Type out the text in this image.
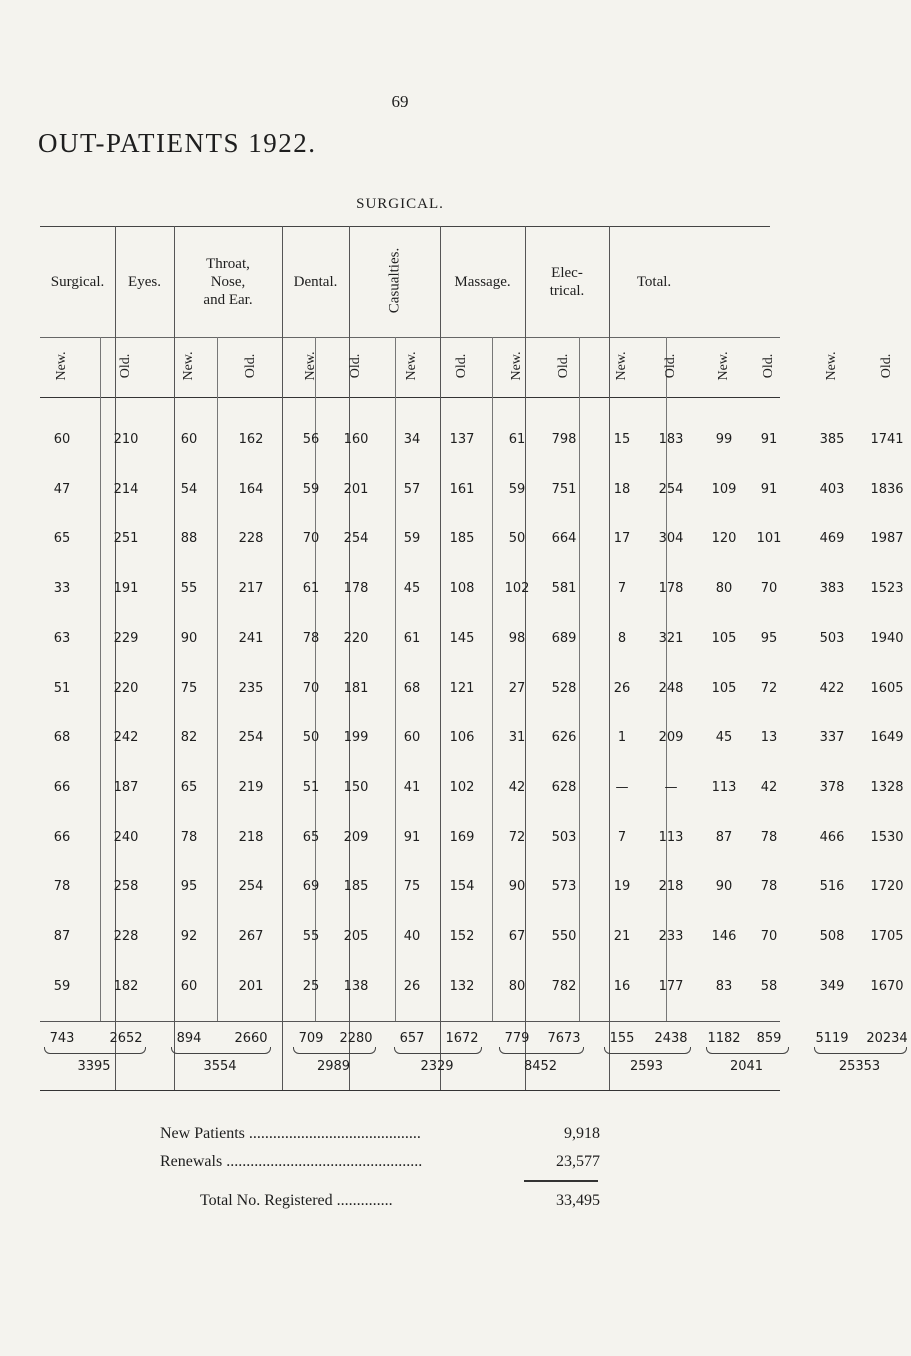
69
OUT-PATIENTS 1922.
SURGICAL.
Surgical.	Eyes.
Throat,
Nose,
and Ear.
Dental.	Casualties.	Massage.
Elec-
trical.
Total.
New.	Old.	New.	Old.	New. Old.	New.	Old.	New. Old.	New. Old.	New. Old.	New.	Old.
60	210	60	162	56	160	34	137	61	798	15	183	99	91	385	1741
47	214	54	164	59	201	57	161	59	751	18	254	109	91	403	1836
65	251	88	228	70	254	59	185	50	664	17	304	120	101	469	1987
33	191	55	217	61	178	45	108	102	581	7	178	80	70	383	1523
63	229	90	241	78	220	61	145	98	689	8	321	105	95	503	1940
51	220	75	235	70	181	68	121	27	528	26	248	105	72	422	1605
68	242	82	254	50	199	60	106	31	626	1	209	45	13	337	1649
66	187	65	219	51	150	41	102	42	628	—	—	113	42	378	1328
66	240	78	218	65	209	91	169	72	503	7	113	87	78	466	1530
78	258	95	254	69	185	75	154	90	573	19	218	90	78	516	1720
87	228	92	267	55	205	40	152	67	550	21	233	146	70	508	1705
59	182	60	201	25	138	26	132	80	782	16	177	83	58	349	1670
743	2652	894	2660	709	2280	657	1672	779	7673	155	2438	1182	859	5119	20234
3395	3554	2989	2329	8452	2593	2041	25353
New Patients ...........................................	9,918
Renewals .................................................	23,577
Total No. Registered ..............	33,495
